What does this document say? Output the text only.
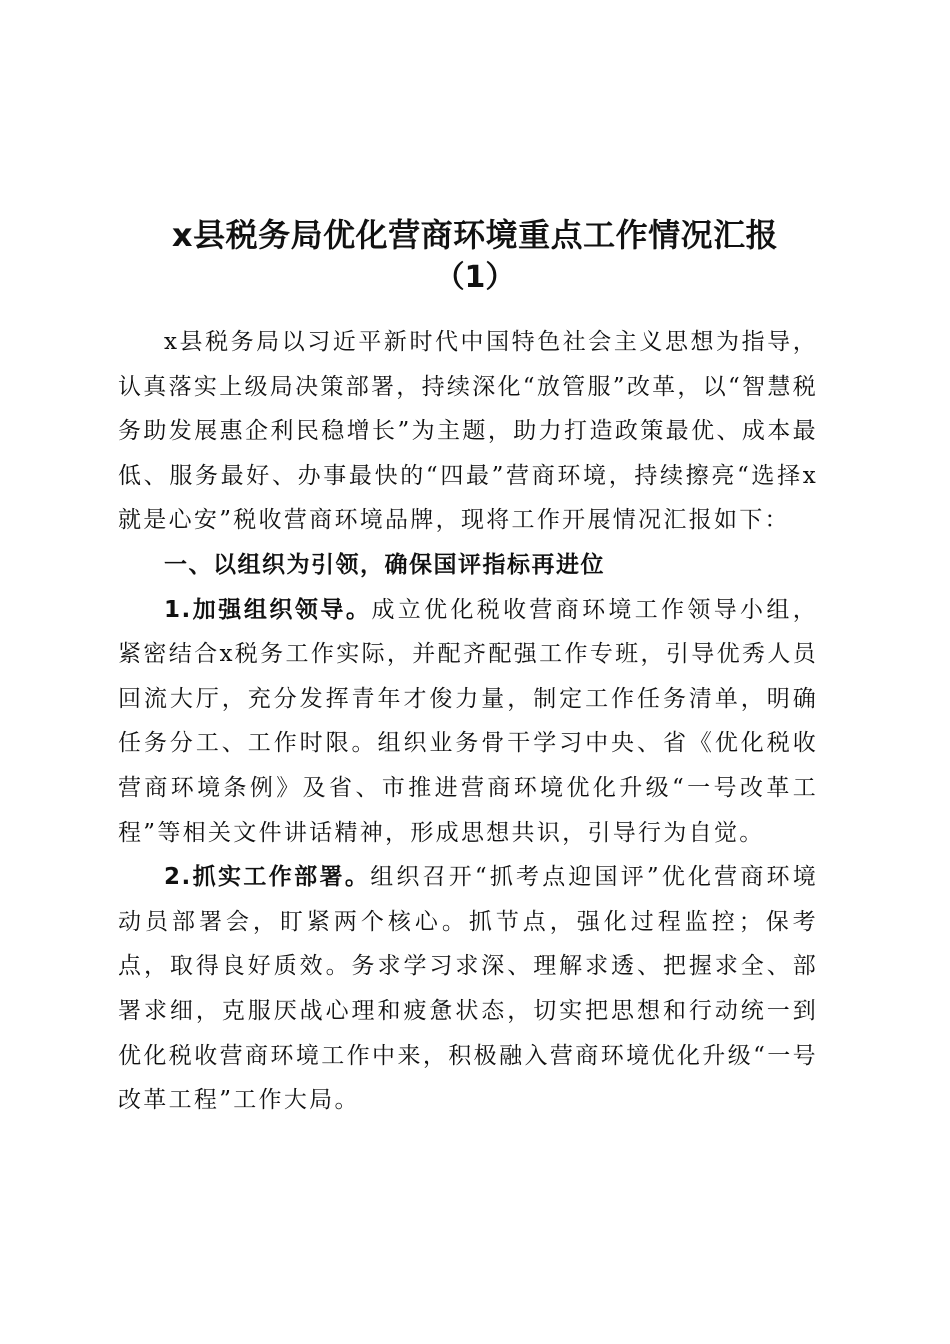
x县税务局优化营商环境重点工作情况汇报
（1）

x县税务局以习近平新时代中国特色社会主义思想为指导，认真落实上级局决策部署，持续深化“放管服”改革，以“智慧税务助发展惠企利民稳增长”为主题，助力打造政策最优、成本最低、服务最好、办事最快的“四最”营商环境，持续擦亮“选择x就是心安”税收营商环境品牌，现将工作开展情况汇报如下：

一、以组织为引领，确保国评指标再进位

1.加强组织领导。成立优化税收营商环境工作领导小组，紧密结合x税务工作实际，并配齐配强工作专班，引导优秀人员回流大厅，充分发挥青年才俊力量，制定工作任务清单，明确任务分工、工作时限。组织业务骨干学习中央、省《优化税收营商环境条例》及省、市推进营商环境优化升级“一号改革工程”等相关文件讲话精神，形成思想共识，引导行为自觉。

2.抓实工作部署。组织召开“抓考点迎国评”优化营商环境动员部署会，盯紧两个核心。抓节点，强化过程监控；保考点，取得良好质效。务求学习求深、理解求透、把握求全、部署求细，克服厌战心理和疲惫状态，切实把思想和行动统一到优化税收营商环境工作中来，积极融入营商环境优化升级“一号改革工程”工作大局。
